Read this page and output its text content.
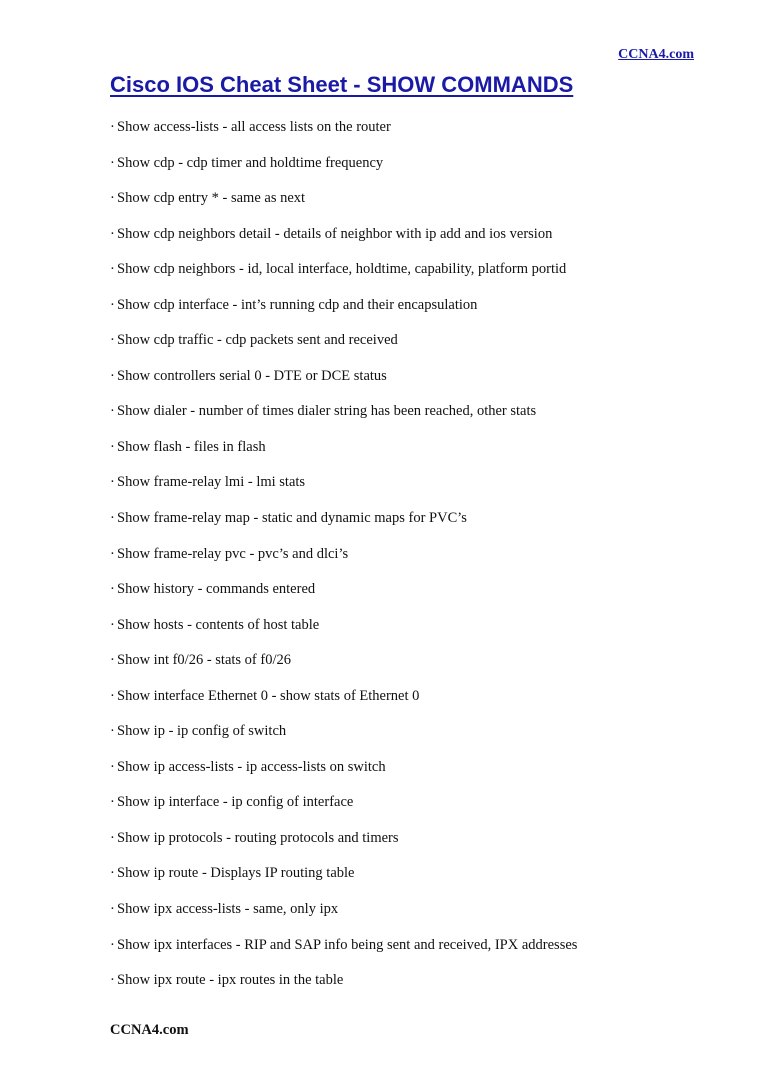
CCNA4.com
Cisco IOS Cheat Sheet - SHOW COMMANDS
· Show access-lists - all access lists on the router
· Show cdp - cdp timer and holdtime frequency
· Show cdp entry * - same as next
· Show cdp neighbors detail - details of neighbor with ip add and ios version
· Show cdp neighbors - id, local interface, holdtime, capability, platform portid
· Show cdp interface - int’s running cdp and their encapsulation
· Show cdp traffic - cdp packets sent and received
· Show controllers serial 0 - DTE or DCE status
· Show dialer - number of times dialer string has been reached, other stats
· Show flash - files in flash
· Show frame-relay lmi - lmi stats
· Show frame-relay map - static and dynamic maps for PVC’s
· Show frame-relay pvc - pvc’s and dlci’s
· Show history - commands entered
· Show hosts - contents of host table
· Show int f0/26 - stats of f0/26
· Show interface Ethernet 0 - show stats of Ethernet 0
· Show ip - ip config of switch
· Show ip access-lists - ip access-lists on switch
· Show ip interface - ip config of interface
· Show ip protocols - routing protocols and timers
· Show ip route - Displays IP routing table
· Show ipx access-lists - same, only ipx
· Show ipx interfaces - RIP and SAP info being sent and received, IPX addresses
· Show ipx route - ipx routes in the table
CCNA4.com
